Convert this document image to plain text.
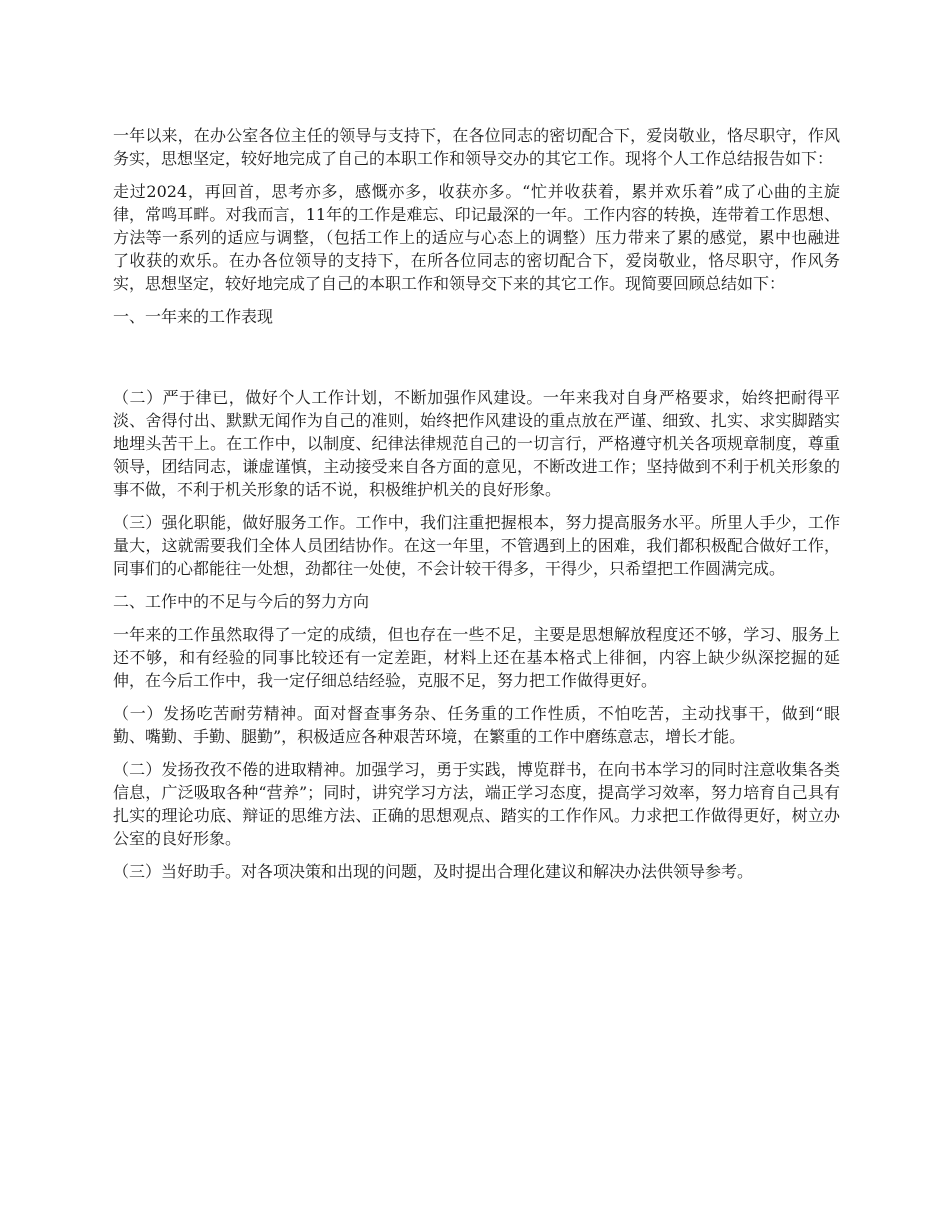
一年以来，在办公室各位主任的领导与支持下，在各位同志的密切配合下，爱岗敬业，恪尽职守，作风务实，思想坚定，较好地完成了自己的本职工作和领导交办的其它工作。现将个人工作总结报告如下：

走过2024，再回首，思考亦多，感慨亦多，收获亦多。“忙并收获着，累并欢乐着”成了心曲的主旋律，常鸣耳畔。对我而言，11年的工作是难忘、印记最深的一年。工作内容的转换，连带着工作思想、方法等一系列的适应与调整，（包括工作上的适应与心态上的调整）压力带来了累的感觉，累中也融进了收获的欢乐。在办各位领导的支持下，在所各位同志的密切配合下，爱岗敬业，恪尽职守，作风务实，思想坚定，较好地完成了自己的本职工作和领导交下来的其它工作。现简要回顾总结如下：

一、一年来的工作表现

（二）严于律已，做好个人工作计划，不断加强作风建设。一年来我对自身严格要求，始终把耐得平淡、舍得付出、默默无闻作为自己的准则，始终把作风建设的重点放在严谨、细致、扎实、求实脚踏实地埋头苦干上。在工作中，以制度、纪律法律规范自己的一切言行，严格遵守机关各项规章制度，尊重领导，团结同志，谦虚谨慎，主动接受来自各方面的意见，不断改进工作；坚持做到不利于机关形象的事不做，不利于机关形象的话不说，积极维护机关的良好形象。

（三）强化职能，做好服务工作。工作中，我们注重把握根本，努力提高服务水平。所里人手少，工作量大，这就需要我们全体人员团结协作。在这一年里，不管遇到上的困难，我们都积极配合做好工作，同事们的心都能往一处想，劲都往一处使，不会计较干得多，干得少，只希望把工作圆满完成。

二、工作中的不足与今后的努力方向

一年来的工作虽然取得了一定的成绩，但也存在一些不足，主要是思想解放程度还不够，学习、服务上还不够，和有经验的同事比较还有一定差距，材料上还在基本格式上徘徊，内容上缺少纵深挖掘的延伸，在今后工作中，我一定仔细总结经验，克服不足，努力把工作做得更好。

（一）发扬吃苦耐劳精神。面对督查事务杂、任务重的工作性质，不怕吃苦，主动找事干，做到“眼勤、嘴勤、手勤、腿勤”，积极适应各种艰苦环境，在繁重的工作中磨练意志，增长才能。

（二）发扬孜孜不倦的进取精神。加强学习，勇于实践，博览群书，在向书本学习的同时注意收集各类信息，广泛吸取各种“营养”；同时，讲究学习方法，端正学习态度，提高学习效率，努力培育自己具有扎实的理论功底、辩证的思维方法、正确的思想观点、踏实的工作作风。力求把工作做得更好，树立办公室的良好形象。

（三）当好助手。对各项决策和出现的问题，及时提出合理化建议和解决办法供领导参考。
